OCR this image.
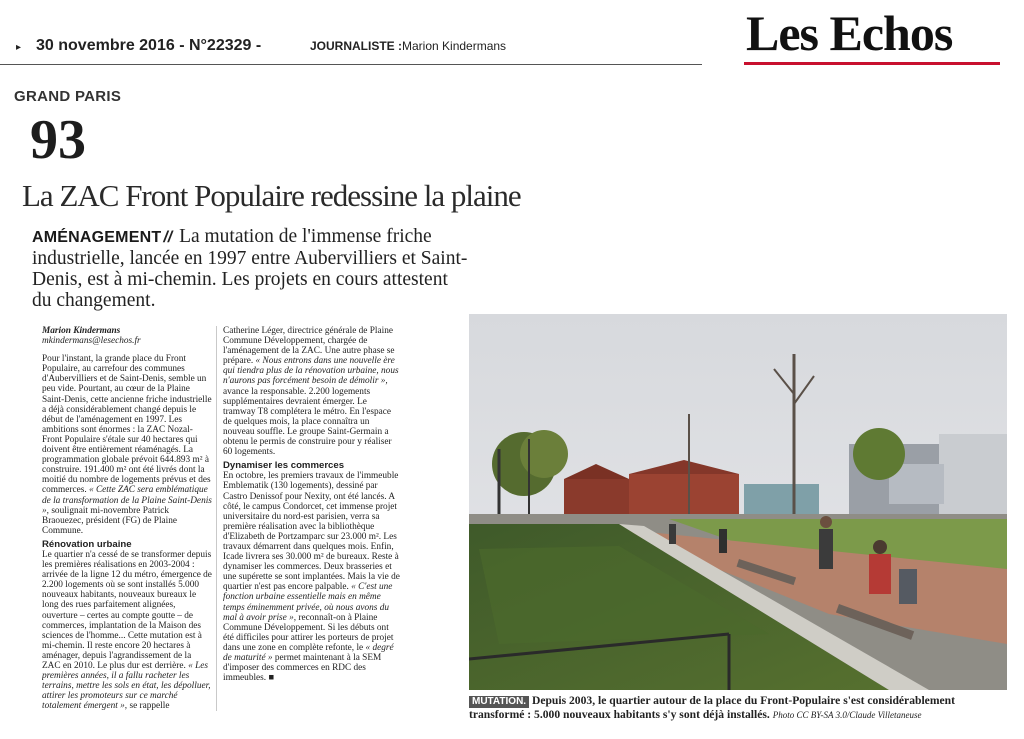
▸ 30 novembre 2016 - N°22329 -	JOURNALISTE :Marion Kindermans	Les Echos
GRAND PARIS
93
La ZAC Front Populaire redessine la plaine
AMÉNAGEMENT // La mutation de l'immense friche industrielle, lancée en 1997 entre Aubervilliers et Saint-Denis, est à mi-chemin. Les projets en cours attestent du changement.

Marion Kindermans

mkindermans@lesechos.fr

Pour l'instant, la grande place du Front Populaire, au carrefour des communes d'Aubervilliers et de Saint-Denis, semble un peu vide. Pourtant, au cœur de la Plaine Saint-Denis, cette ancienne friche industrielle a déjà considérablement changé depuis le début de l'aménagement en 1997. Les ambitions sont énormes : la ZAC Nozal-Front Populaire s'étale sur 40 hectares qui doivent être entièrement réaménagés. La programmation globale prévoit 644.893 m² à construire. 191.400 m² ont été livrés dont la moitié du nombre de logements prévus et des commerces. « Cette ZAC sera emblématique de la transformation de la Plaine Saint-Denis », soulignait mi-novembre Patrick Braouezec, président (FG) de Plaine Commune.

Rénovation urbaine

Le quartier n'a cessé de se transformer depuis les premières réalisations en 2003-2004 : arrivée de la ligne 12 du métro, émergence de 2.200 logements où se sont installés 5.000 nouveaux habitants, nouveaux bureaux le long des rues parfaitement alignées, ouverture – certes au compte goutte – de commerces, implantation de la Maison des sciences de l'homme... Cette mutation est à mi-chemin. Il reste encore 20 hectares à aménager, depuis l'agrandissement de la ZAC en 2010. Le plus dur est derrière. « Les premières années, il a fallu racheter les terrains, mettre les sols en état, les dépolluer, attirer les promoteurs sur ce marché totalement émergent », se rappelle

Catherine Léger, directrice générale de Plaine Commune Développement, chargée de l'aménagement de la ZAC. Une autre phase se prépare. « Nous entrons dans une nouvelle ère qui tiendra plus de la rénovation urbaine, nous n'aurons pas forcément besoin de démolir », avance la responsable. 2.200 logements supplémentaires devraient émerger. Le tramway T8 complétera le métro. En l'espace de quelques mois, la place connaîtra un nouveau souffle. Le groupe Saint-Germain a obtenu le permis de construire pour y réaliser 60 logements.

Dynamiser les commerces

En octobre, les premiers travaux de l'immeuble Emblematik (130 logements), dessiné par Castro Denissof pour Nexity, ont été lancés. A côté, le campus Condorcet, cet immense projet universitaire du nord-est parisien, verra sa première réalisation avec la bibliothèque d'Elizabeth de Portzamparc sur 23.000 m². Les travaux démarrent dans quelques mois. Enfin, Icade livrera ses 30.000 m² de bureaux. Reste à dynamiser les commerces. Deux brasseries et une supérette se sont implantées. Mais la vie de quartier n'est pas encore palpable. « C'est une fonction urbaine essentielle mais en même temps éminemment privée, où nous avons du mal à avoir prise », reconnaît-on à Plaine Commune Développement. Si les débuts ont été difficiles pour attirer les porteurs de projet dans une zone en complète refonte, le « degré de maturité » permet maintenant à la SEM d'imposer des commerces en RDC des immeubles. ■

MUTATION. Depuis 2003, le quartier autour de la place du Front-Populaire s'est considérablement transformé : 5.000 nouveaux habitants s'y sont déjà installés. Photo CC BY-SA 3.0/Claude Villetaneuse
